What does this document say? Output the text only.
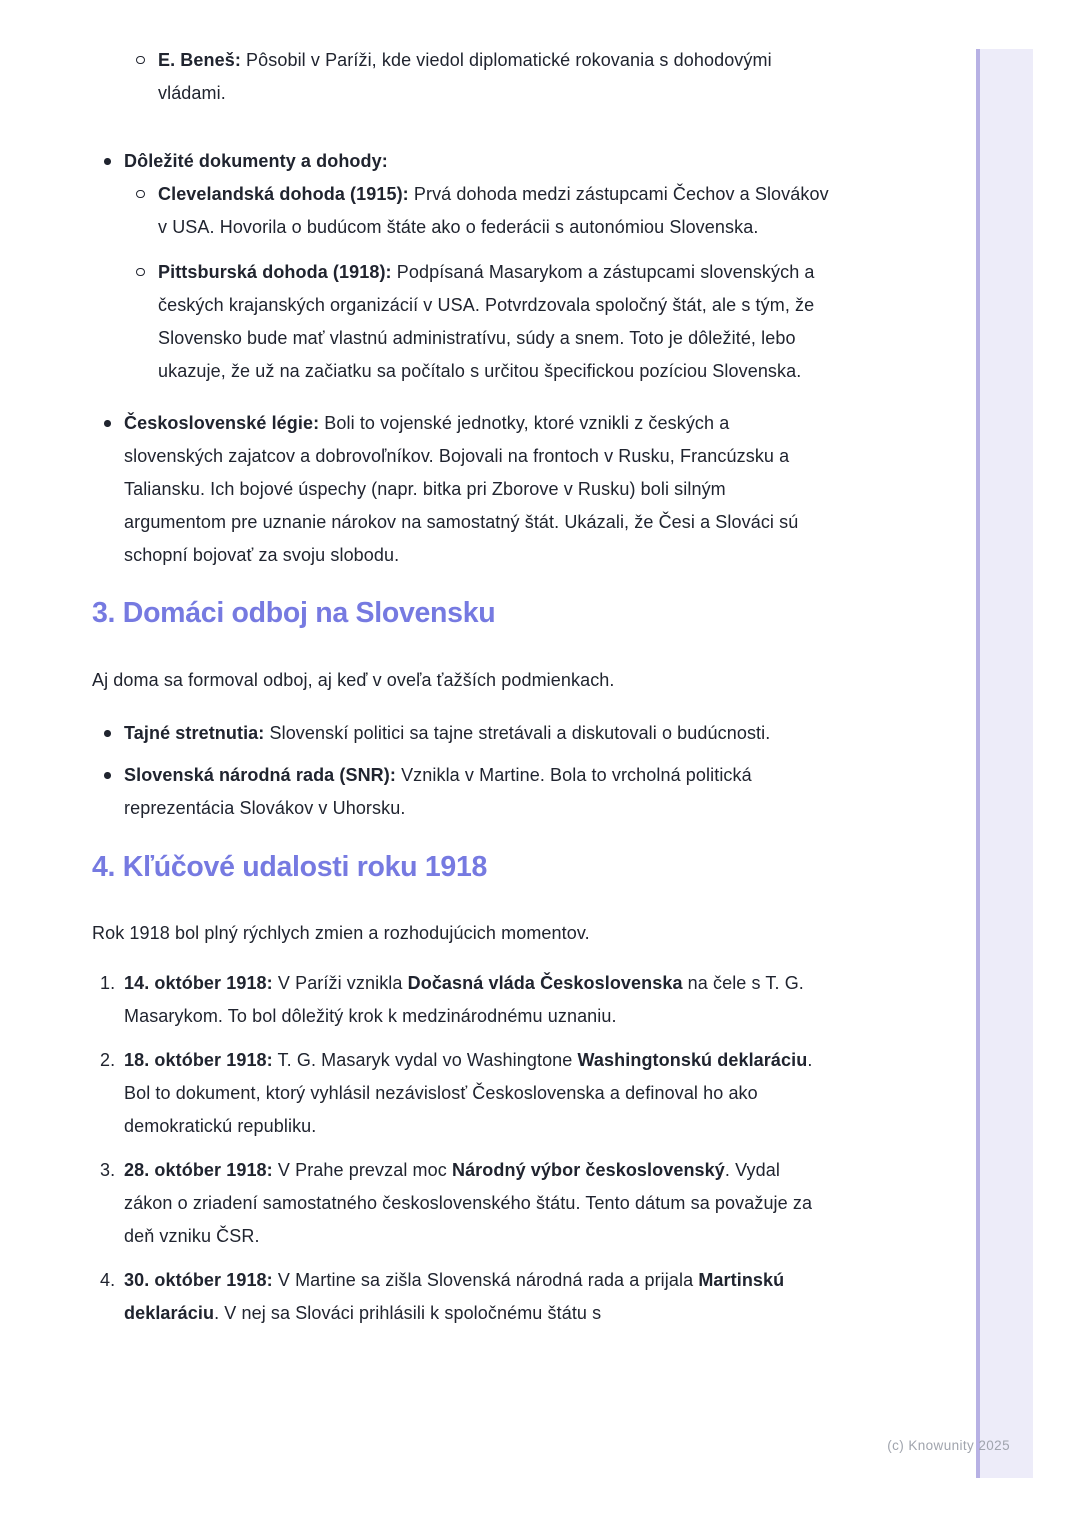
E. Beneš: Pôsobil v Paríži, kde viedol diplomatické rokovania s dohodovými vládami.
Dôležité dokumenty a dohody:
Clevelandská dohoda (1915): Prvá dohoda medzi zástupcami Čechov a Slovákov v USA. Hovorila o budúcom štáte ako o federácii s autonómiou Slovenska.
Pittsburská dohoda (1918): Podpísaná Masarykom a zástupcami slovenských a českých krajanských organizácií v USA. Potvrdzovala spoločný štát, ale s tým, že Slovensko bude mať vlastnú administratívu, súdy a snem. Toto je dôležité, lebo ukazuje, že už na začiatku sa počítalo s určitou špecifickou pozíciou Slovenska.
Československé légie: Boli to vojenské jednotky, ktoré vznikli z českých a slovenských zajatcov a dobrovoľníkov. Bojovali na frontoch v Rusku, Francúzsku a Taliansku. Ich bojové úspechy (napr. bitka pri Zborove v Rusku) boli silným argumentom pre uznanie nárokov na samostatný štát. Ukázali, že Česi a Slováci sú schopní bojovať za svoju slobodu.
3. Domáci odboj na Slovensku

Aj doma sa formoval odboj, aj keď v oveľa ťažších podmienkach.

Tajné stretnutia: Slovenskí politici sa tajne stretávali a diskutovali o budúcnosti.
Slovenská národná rada (SNR): Vznikla v Martine. Bola to vrcholná politická reprezentácia Slovákov v Uhorsku.
4. Kľúčové udalosti roku 1918

Rok 1918 bol plný rýchlych zmien a rozhodujúcich momentov.

1. 14. október 1918: V Paríži vznikla Dočasná vláda Československa na čele s T. G. Masarykom. To bol dôležitý krok k medzinárodnému uznaniu.
2. 18. október 1918: T. G. Masaryk vydal vo Washingtone Washingtonskú deklaráciu. Bol to dokument, ktorý vyhlásil nezávislosť Československa a definoval ho ako demokratickú republiku.
3. 28. október 1918: V Prahe prevzal moc Národný výbor československý. Vydal zákon o zriadení samostatného československého štátu. Tento dátum sa považuje za deň vzniku ČSR.
4. 30. október 1918: V Martine sa zišla Slovenská národná rada a prijala Martinskú deklaráciu. V nej sa Slováci prihlásili k spoločnému štátu s
(c) Knowunity 2025
